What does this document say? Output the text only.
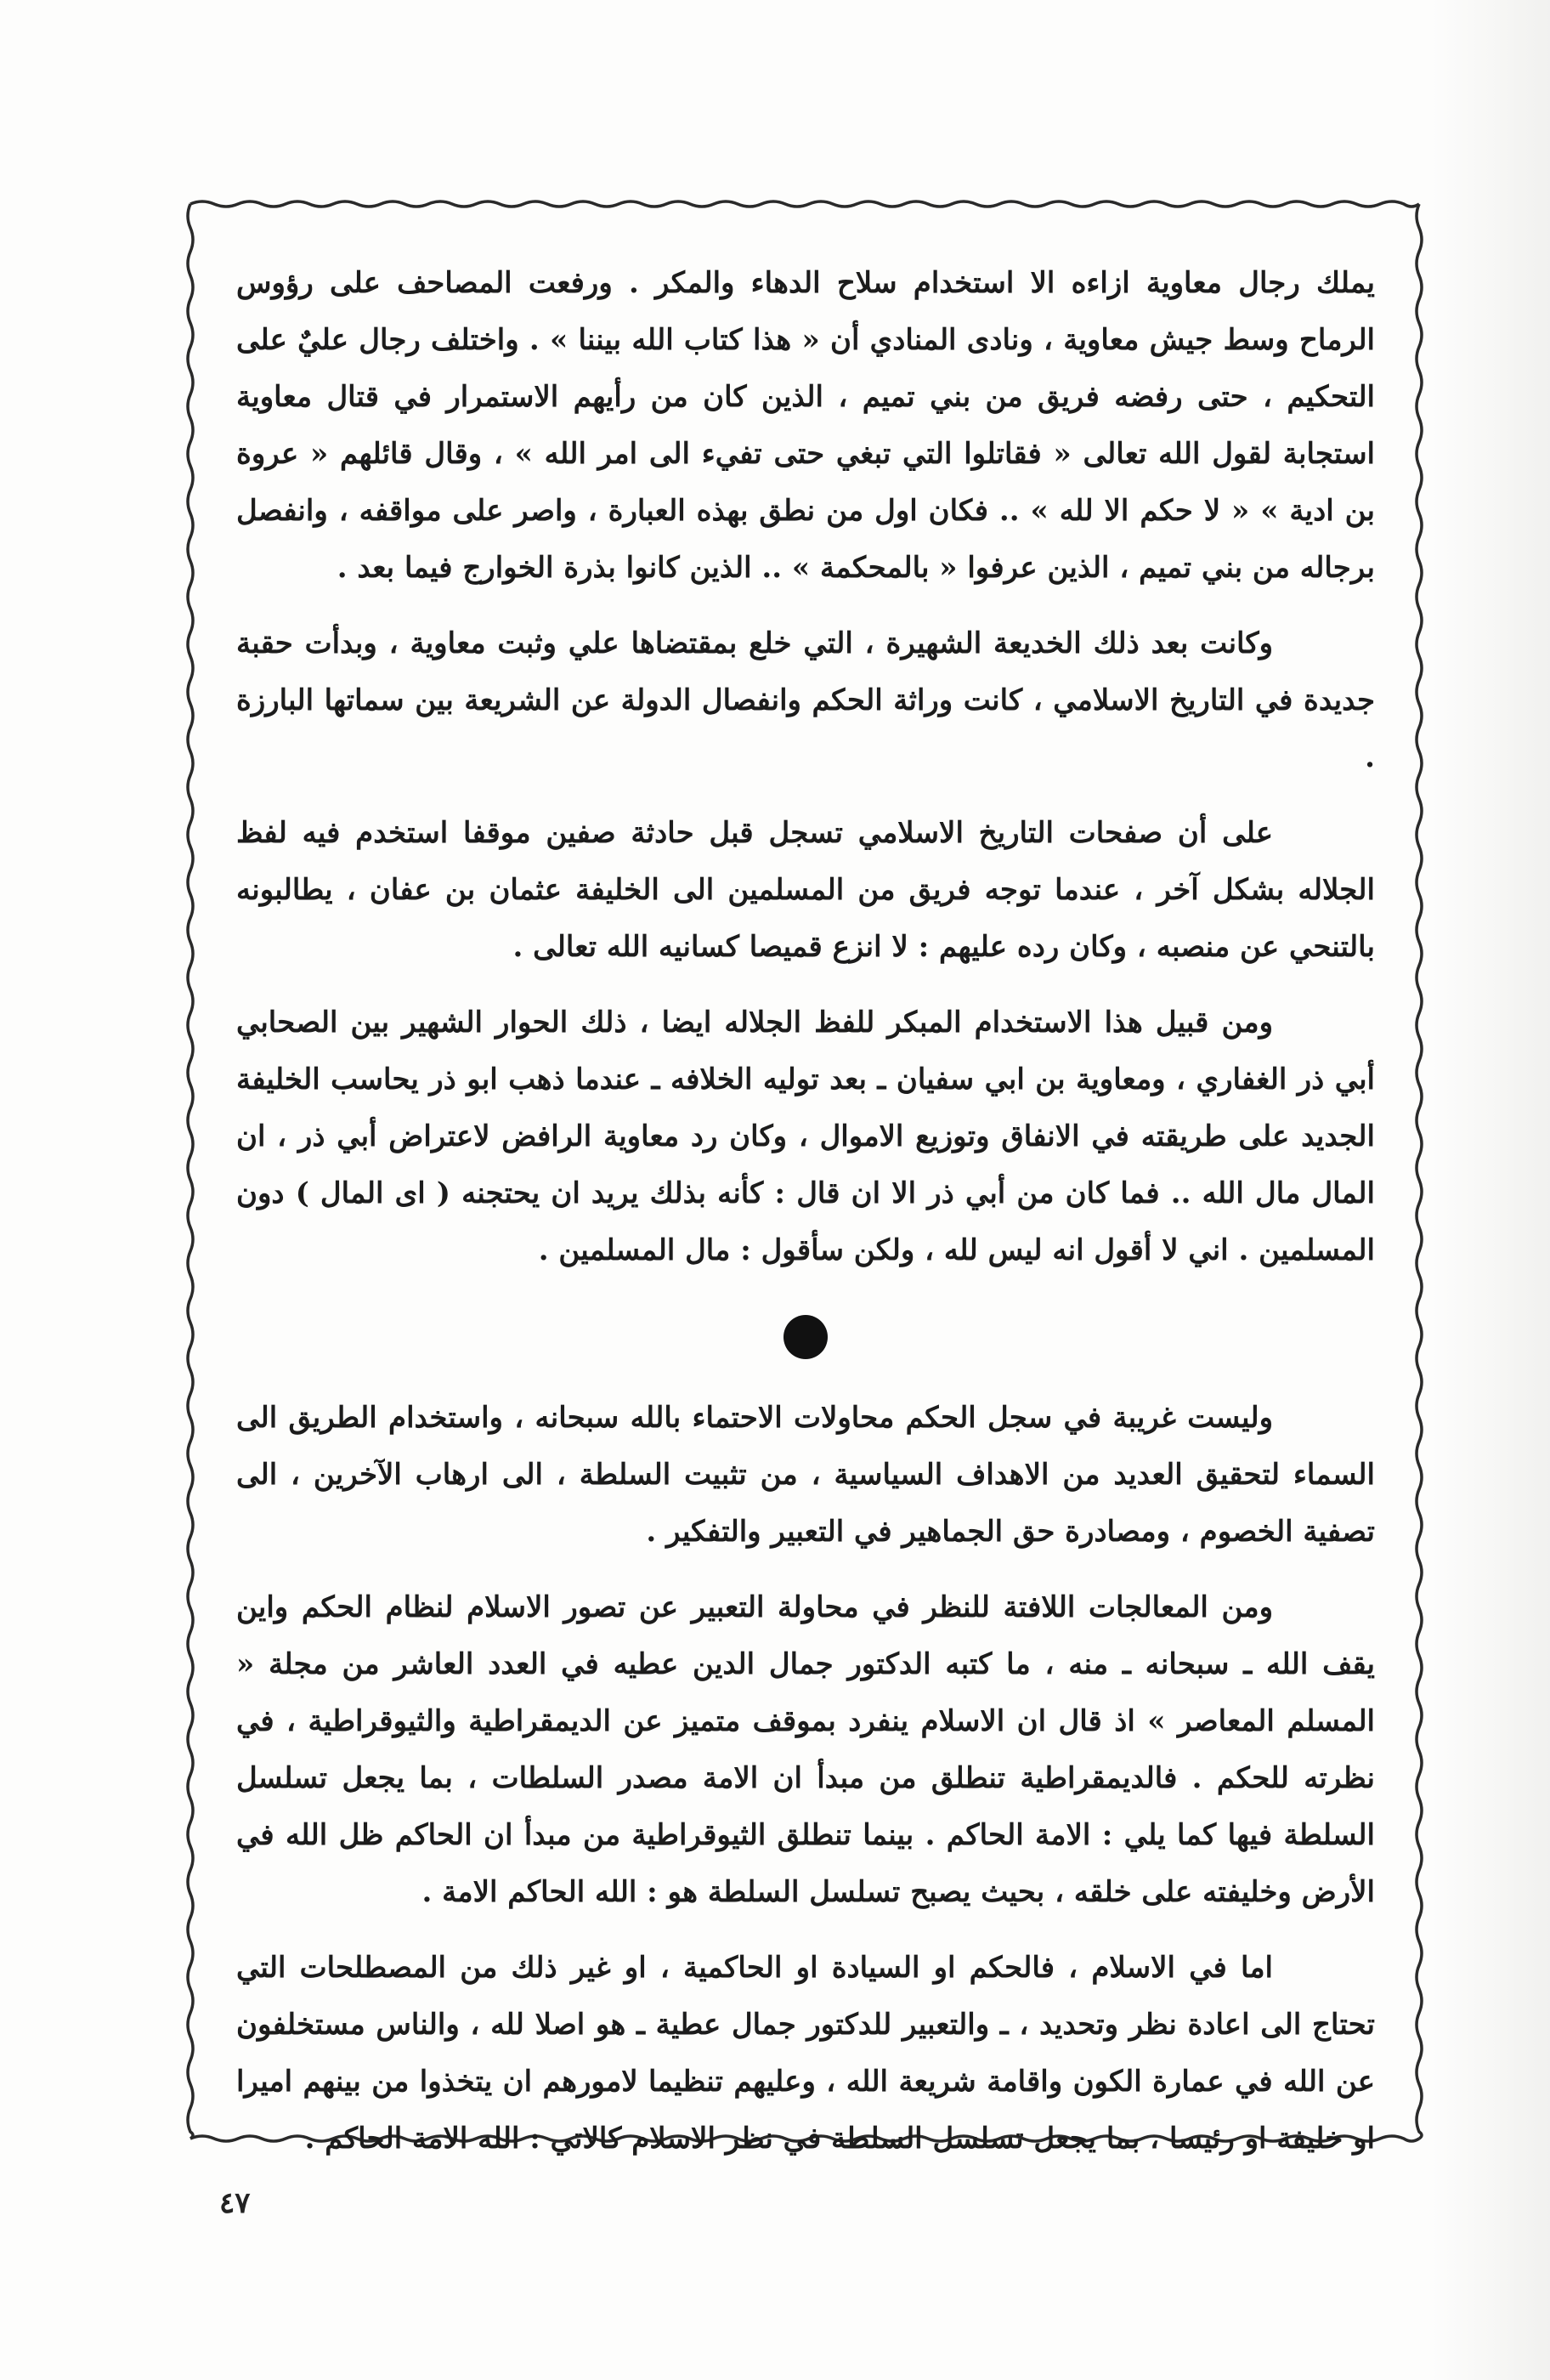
يملك رجال معاوية ازاءه الا استخدام سلاح الدهاء والمكر . ورفعت المصاحف على رؤوس الرماح وسط جيش معاوية ، ونادى المنادي أن « هذا كتاب الله بيننا » . واختلف رجال عليٌ على التحكيم ، حتى رفضه فريق من بني تميم ، الذين كان من رأيهم الاستمرار في قتال معاوية استجابة لقول الله تعالى « فقاتلوا التي تبغي حتى تفيء الى امر الله » ، وقال قائلهم « عروة بن ادية » « لا حكم الا لله » .. فكان اول من نطق بهذه العبارة ، واصر على مواقفه ، وانفصل برجاله من بني تميم ، الذين عرفوا « بالمحكمة » .. الذين كانوا بذرة الخوارج فيما بعد .

وكانت بعد ذلك الخديعة الشهيرة ، التي خلع بمقتضاها علي وثبت معاوية ، وبدأت حقبة جديدة في التاريخ الاسلامي ، كانت وراثة الحكم وانفصال الدولة عن الشريعة بين سماتها البارزة .

على أن صفحات التاريخ الاسلامي تسجل قبل حادثة صفين موقفا استخدم فيه لفظ الجلاله بشكل آخر ، عندما توجه فريق من المسلمين الى الخليفة عثمان بن عفان ، يطالبونه بالتنحي عن منصبه ، وكان رده عليهم : لا انزع قميصا كسانيه الله تعالى .

ومن قبيل هذا الاستخدام المبكر للفظ الجلاله ايضا ، ذلك الحوار الشهير بين الصحابي أبي ذر الغفاري ، ومعاوية بن ابي سفيان ـ بعد توليه الخلافه ـ عندما ذهب ابو ذر يحاسب الخليفة الجديد على طريقته في الانفاق وتوزيع الاموال ، وكان رد معاوية الرافض لاعتراض أبي ذر ، ان المال مال الله .. فما كان من أبي ذر الا ان قال : كأنه بذلك يريد ان يحتجنه ( اى المال ) دون المسلمين . اني لا أقول انه ليس لله ، ولكن سأقول : مال المسلمين .

وليست غريبة في سجل الحكم محاولات الاحتماء بالله سبحانه ، واستخدام الطريق الى السماء لتحقيق العديد من الاهداف السياسية ، من تثبيت السلطة ، الى ارهاب الآخرين ، الى تصفية الخصوم ، ومصادرة حق الجماهير في التعبير والتفكير .

ومن المعالجات اللافتة للنظر في محاولة التعبير عن تصور الاسلام لنظام الحكم واين يقف الله ـ سبحانه ـ منه ، ما كتبه الدكتور جمال الدين عطيه في العدد العاشر من مجلة « المسلم المعاصر » اذ قال ان الاسلام ينفرد بموقف متميز عن الديمقراطية والثيوقراطية ، في نظرته للحكم . فالديمقراطية تنطلق من مبدأ ان الامة مصدر السلطات ، بما يجعل تسلسل السلطة فيها كما يلي : الامة الحاكم . بينما تنطلق الثيوقراطية من مبدأ ان الحاكم ظل الله في الأرض وخليفته على خلقه ، بحيث يصبح تسلسل السلطة هو : الله الحاكم الامة .

اما في الاسلام ، فالحكم او السيادة او الحاكمية ، او غير ذلك من المصطلحات التي تحتاج الى اعادة نظر وتحديد ، ـ والتعبير للدكتور جمال عطية ـ هو اصلا لله ، والناس مستخلفون عن الله في عمارة الكون واقامة شريعة الله ، وعليهم تنظيما لامورهم ان يتخذوا من بينهم اميرا او خليفة او رئيسا ، بما يجعل تسلسل السلطة في نظر الاسلام كالاتي : الله الامة الحاكم .

٤٧
